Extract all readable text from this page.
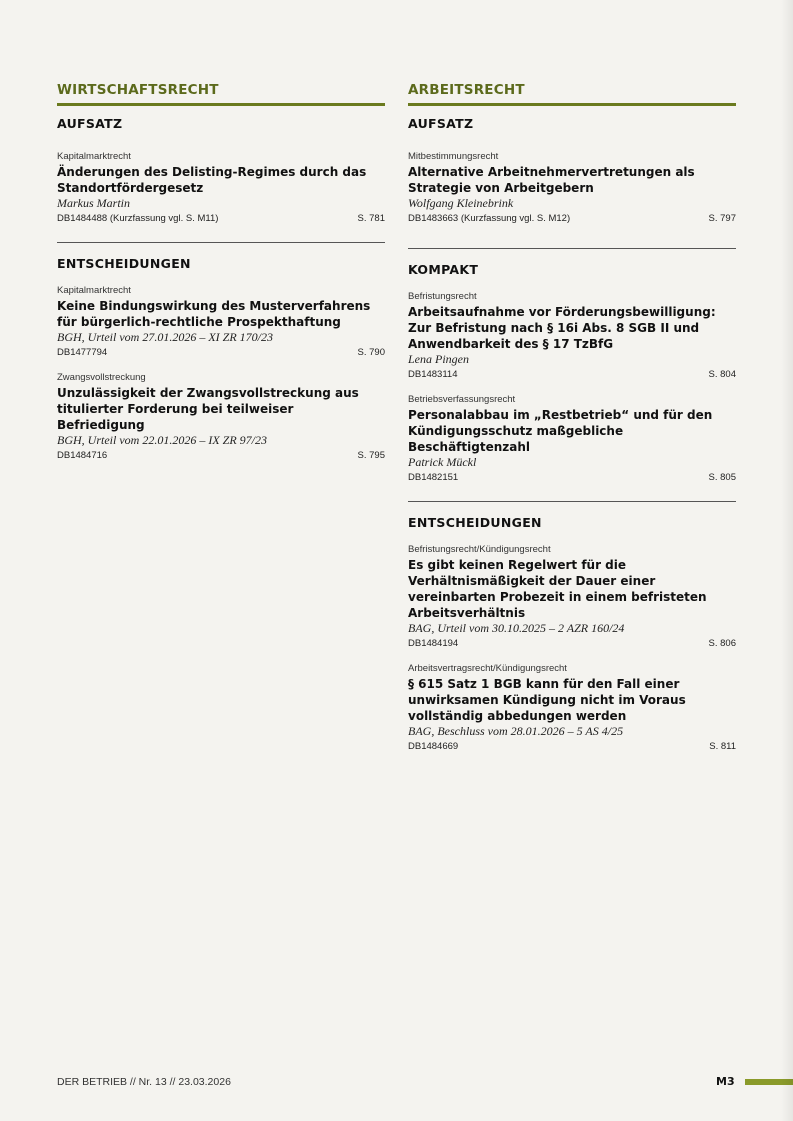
WIRTSCHAFTSRECHT
AUFSATZ
Kapitalmarktrecht
Änderungen des Delisting-Regimes durch das Standortfördergesetz
Markus Martin
DB1484488 (Kurzfassung vgl. S. M11)	S. 781
ENTSCHEIDUNGEN
Kapitalmarktrecht
Keine Bindungswirkung des Musterverfahrens für bürgerlich-rechtliche Prospekthaftung
BGH, Urteil vom 27.01.2026 – XI ZR 170/23
DB1477794	S. 790
Zwangsvollstreckung
Unzulässigkeit der Zwangsvollstreckung aus titulierter Forderung bei teilweiser Befriedigung
BGH, Urteil vom 22.01.2026 – IX ZR 97/23
DB1484716	S. 795
ARBEITSRECHT
AUFSATZ
Mitbestimmungsrecht
Alternative Arbeitnehmervertretungen als Strategie von Arbeitgebern
Wolfgang Kleinebrink
DB1483663 (Kurzfassung vgl. S. M12)	S. 797
KOMPAKT
Befristungsrecht
Arbeitsaufnahme vor Förderungsbewilligung: Zur Befristung nach § 16i Abs. 8 SGB II und Anwendbarkeit des § 17 TzBfG
Lena Pingen
DB1483114	S. 804
Betriebsverfassungsrecht
Personalabbau im „Restbetrieb“ und für den Kündigungsschutz maßgebliche Beschäftigtenzahl
Patrick Mückl
DB1482151	S. 805
ENTSCHEIDUNGEN
Befristungsrecht/Kündigungsrecht
Es gibt keinen Regelwert für die Verhältnismäßigkeit der Dauer einer vereinbarten Probezeit in einem befristeten Arbeitsverhältnis
BAG, Urteil vom 30.10.2025 – 2 AZR 160/24
DB1484194	S. 806
Arbeitsvertragsrecht/Kündigungsrecht
§ 615 Satz 1 BGB kann für den Fall einer unwirksamen Kündigung nicht im Voraus vollständig abbedungen werden
BAG, Beschluss vom 28.01.2026 – 5 AS 4/25
DB1484669	S. 811
DER BETRIEB // Nr. 13 // 23.03.2026	M3
